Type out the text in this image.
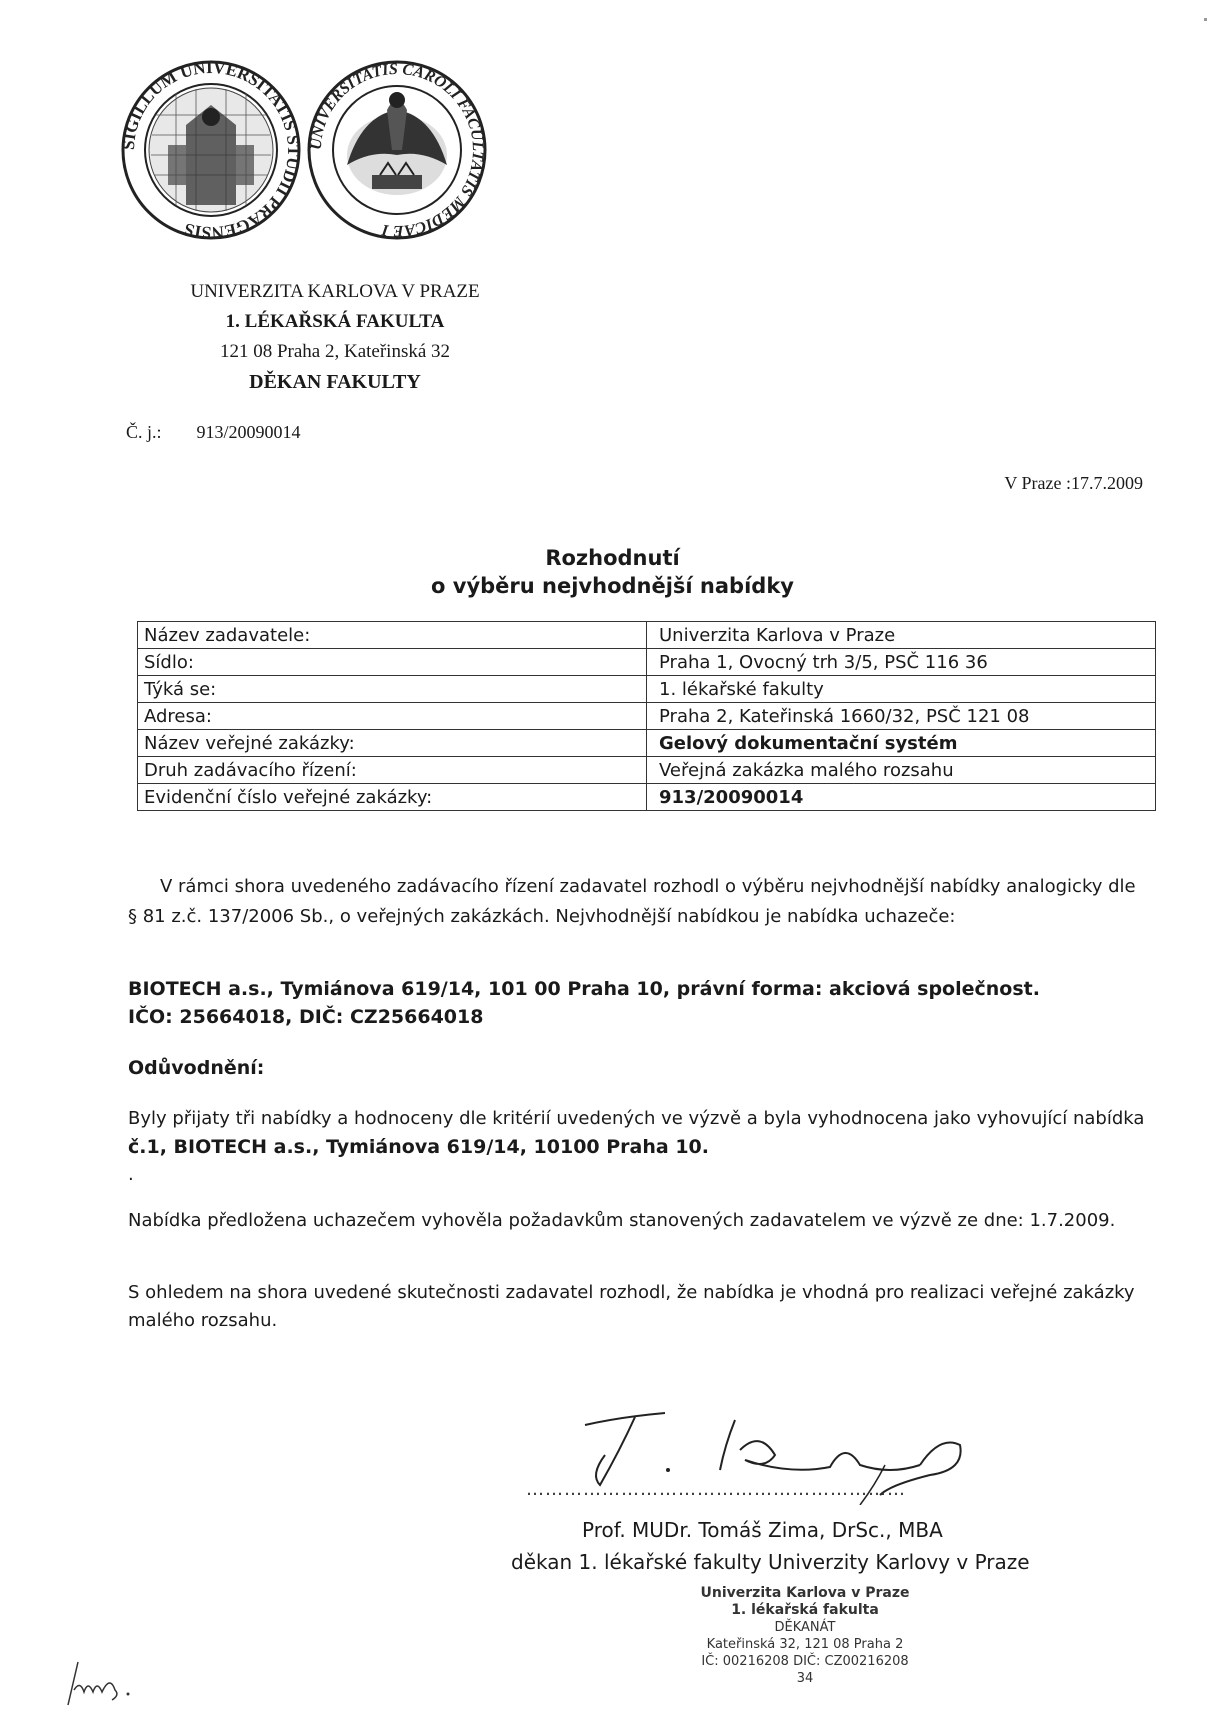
SIGILLUM UNIVERSITATIS STUDII PRAGENSIS
UNIVERSITATIS CAROLI FACULTATIS MEDICAE I
UNIVERZITA KARLOVA V PRAZE
1. LÉKAŘSKÁ FAKULTA
121 08 Praha 2, Kateřinská 32
DĚKAN FAKULTY
Č. j.: 913/20090014
V Praze :17.7.2009
Rozhodnutí
o výběru nejvhodnější nabídky
Název zadavatele:	Univerzita Karlova v Praze
Sídlo:	Praha 1, Ovocný trh 3/5, PSČ 116 36
Týká se:	1. lékařské fakulty
Adresa:	Praha 2, Kateřinská 1660/32, PSČ 121 08
Název veřejné zakázky:	Gelový dokumentační systém
Druh zadávacího řízení:	Veřejná zakázka malého rozsahu
Evidenční číslo veřejné zakázky:	913/20090014
V rámci shora uvedeného zadávacího řízení zadavatel rozhodl o výběru nejvhodnější nabídky analogicky dle
§ 81 z.č. 137/2006 Sb., o veřejných zakázkách. Nejvhodnější nabídkou je nabídka uchazeče:
BIOTECH a.s., Tymiánova 619/14, 101 00 Praha 10, právní forma: akciová společnost.
IČO: 25664018, DIČ: CZ25664018
Odůvodnění:
Byly přijaty tři nabídky a hodnoceny dle kritérií uvedených ve výzvě a byla vyhodnocena jako vyhovující nabídka
č.1, BIOTECH a.s., Tymiánova 619/14, 10100 Praha 10.
.
Nabídka předložena uchazečem vyhověla požadavkům stanovených zadavatelem ve výzvě ze dne: 1.7.2009.
S ohledem na shora uvedené skutečnosti zadavatel rozhodl, že nabídka je vhodná pro realizaci veřejné zakázky
malého rozsahu.
……………………………………………………
Prof. MUDr. Tomáš Zima, DrSc., MBA
děkan 1. lékařské fakulty Univerzity Karlovy v Praze
Univerzita Karlova v Praze
1. lékařská fakulta
DĚKANÁT
Kateřinská 32, 121 08 Praha 2
IČ: 00216208 DIČ: CZ00216208
34
